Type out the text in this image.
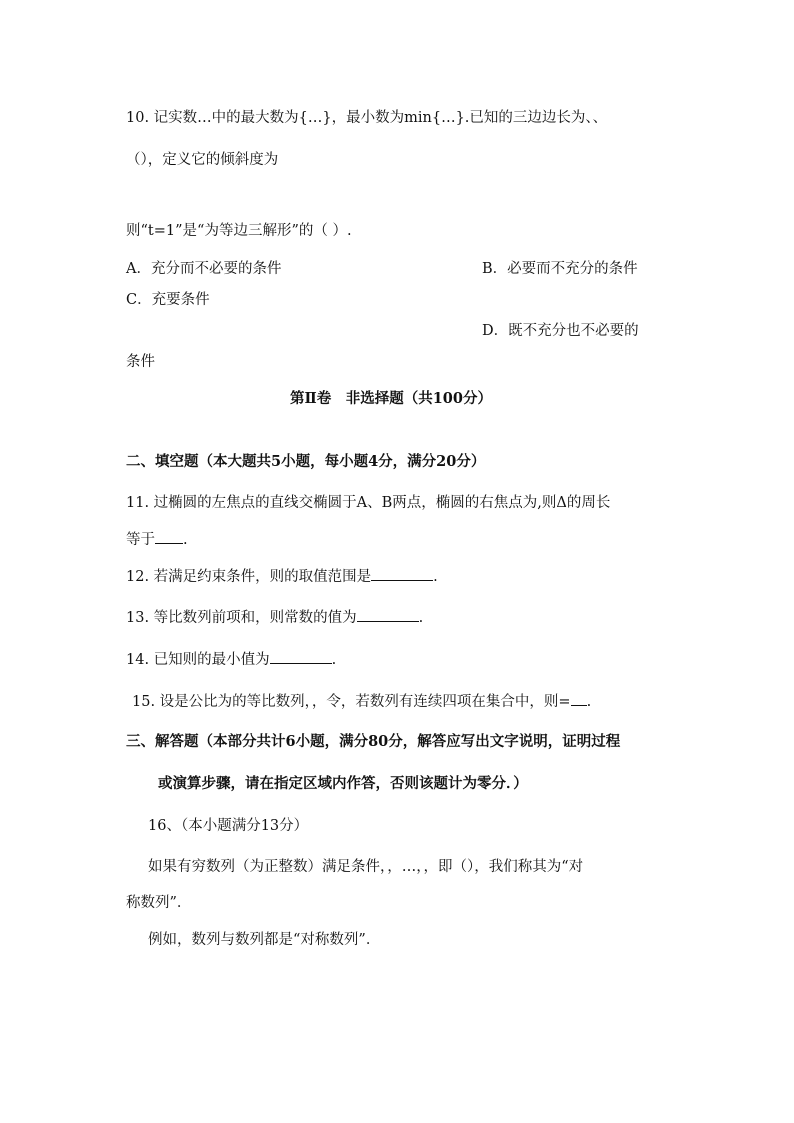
10. 记实数…中的最大数为{…}，最小数为min{…}.已知的三边边长为、、
（），定义它的倾斜度为
则“t=1”是“为等边三解形”的（ ）.
A．充分而不必要的条件	B．必要而不充分的条件
C．充要条件
D．既不充分也不必要的
条件
第Ⅱ卷　非选择题（共100分）
二、填空题（本大题共5小题，每小题4分，满分20分）
11. 过椭圆的左焦点的直线交椭圆于A、B两点，椭圆的右焦点为,则Δ的周长
等于 .
12. 若满足约束条件，则的取值范围是	.
13. 等比数列前项和，则常数的值为	.
14. 已知则的最小值为	.
15. 设是公比为的等比数列，，令，若数列有连续四项在集合中，则= .
三、解答题（本部分共计6小题，满分80分，解答应写出文字说明，证明过程
或演算步骤，请在指定区域内作答，否则该题计为零分．）
16、（本小题满分13分）
如果有穷数列（为正整数）满足条件，，…，，即（），我们称其为“对
称数列”．
例如，数列与数列都是“对称数列”．
